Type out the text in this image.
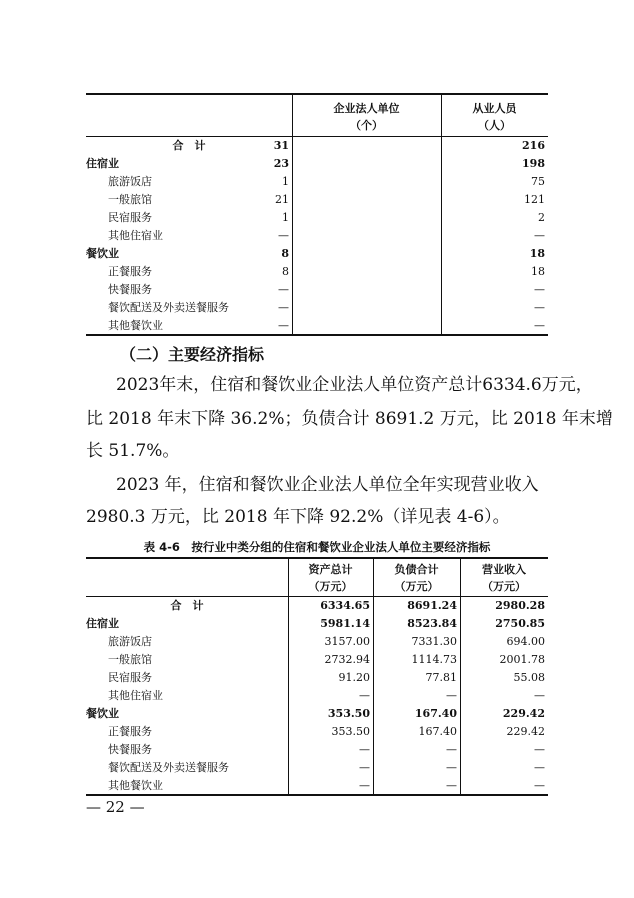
企业法人单位
（个）
从业人员
（人）
合　计	31	216
住宿业	23	198
旅游饭店	1	75
一般旅馆	21	121
民宿服务	1	2
其他住宿业	—	—
餐饮业	8	18
正餐服务	8	18
快餐服务	—	—
餐饮配送及外卖送餐服务	—	—
其他餐饮业	—	—
（二）主要经济指标
2023年末，住宿和餐饮业企业法人单位资产总计6334.6万元，
比 2018 年末下降 36.2%；负债合计 8691.2 万元，比 2018 年末增
长 51.7%。
2023 年，住宿和餐饮业企业法人单位全年实现营业收入
2980.3 万元，比 2018 年下降 92.2%（详见表 4-6）。
表 4-6　按行业中类分组的住宿和餐饮业企业法人单位主要经济指标
资产总计
（万元）
负债合计
（万元）
营业收入
（万元）
合　计	6334.65	8691.24	2980.28
住宿业	5981.14	8523.84	2750.85
旅游饭店	3157.00	7331.30	694.00
一般旅馆	2732.94	1114.73	2001.78
民宿服务	91.20	77.81	55.08
其他住宿业	—	—	—
餐饮业	353.50	167.40	229.42
正餐服务	353.50	167.40	229.42
快餐服务	—	—	—
餐饮配送及外卖送餐服务	—	—	—
其他餐饮业	—	—	—
— 22 —
